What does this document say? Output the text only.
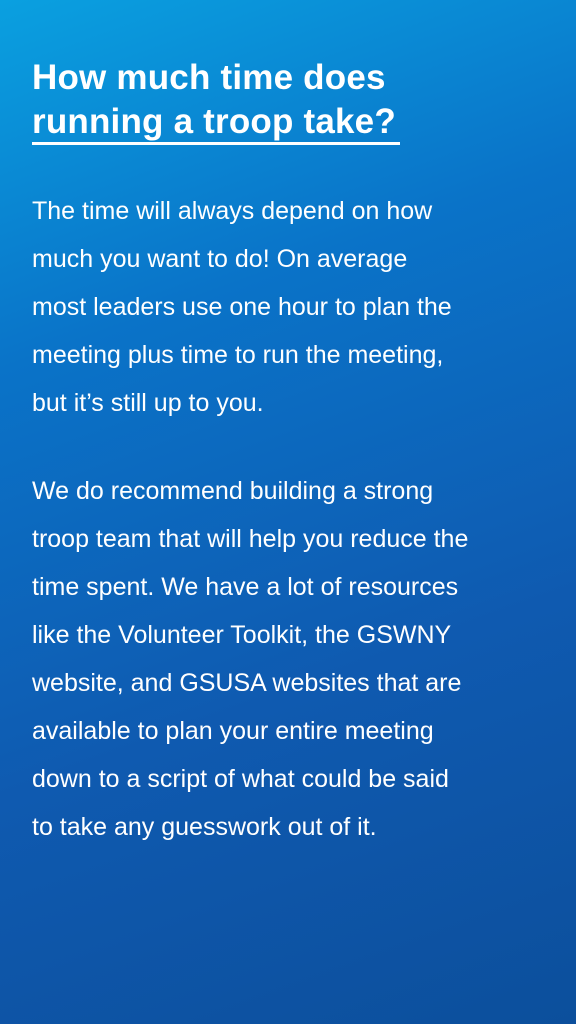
How much time does
running a troop take?

The time will always depend on how
much you want to do! On average
most leaders use one hour to plan the
meeting plus time to run the meeting,
but it’s still up to you.

We do recommend building a strong
troop team that will help you reduce the
time spent. We have a lot of resources
like the Volunteer Toolkit, the GSWNY
website, and GSUSA websites that are
available to plan your entire meeting
down to a script of what could be said
to take any guesswork out of it.
